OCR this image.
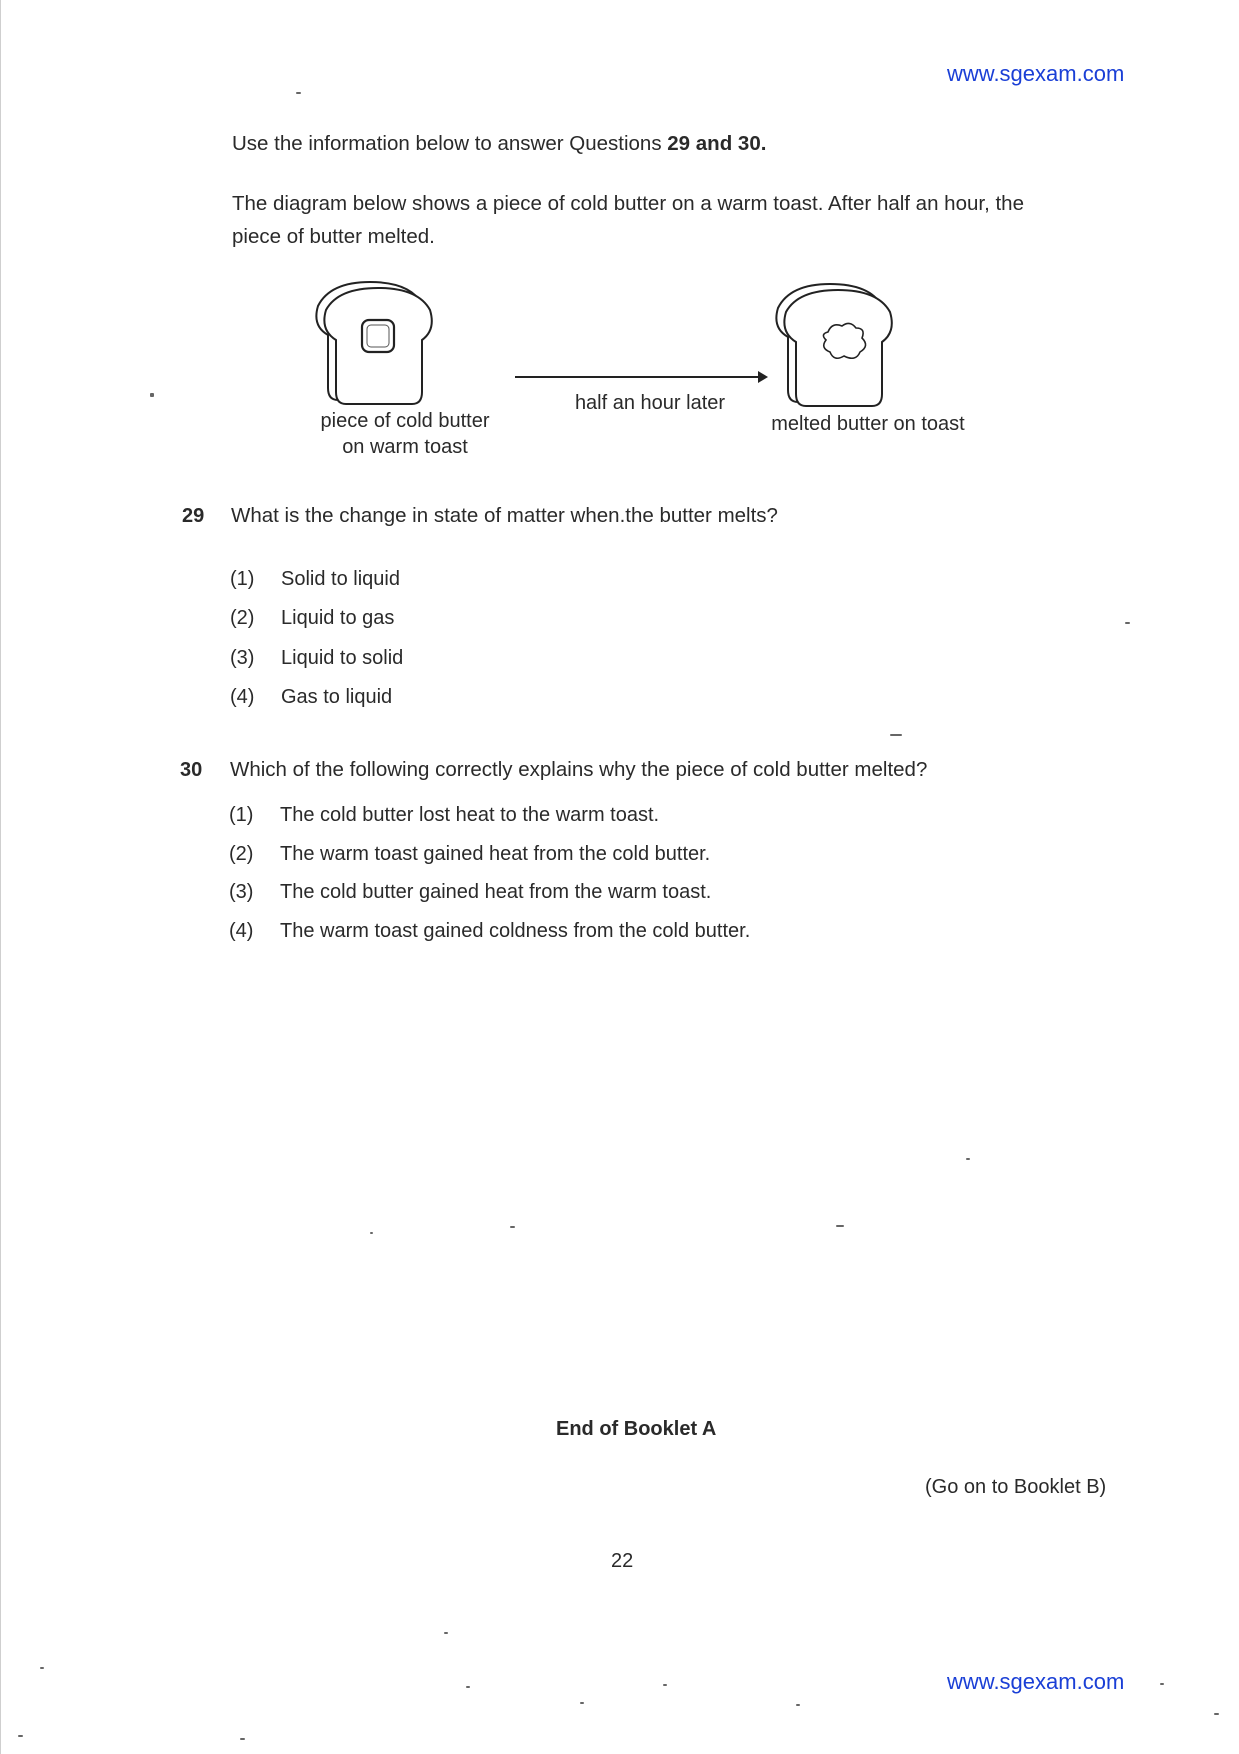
www.sgexam.com
Use the information below to answer Questions 29 and 30.
The diagram below shows a piece of cold butter on a warm toast. After half an hour, the piece of butter melted.
piece of cold butter
on warm toast
half an hour later
melted butter on toast
29 What is the change in state of matter when.the butter melts?
(1)	Solid to liquid
(2)	Liquid to gas
(3)	Liquid to solid
(4)	Gas to liquid
30 Which of the following correctly explains why the piece of cold butter melted?
(1)	The cold butter lost heat to the warm toast.
(2)	The warm toast gained heat from the cold butter.
(3)	The cold butter gained heat from the warm toast.
(4)	The warm toast gained coldness from the cold butter.
End of Booklet A
(Go on to Booklet B)
22
www.sgexam.com
